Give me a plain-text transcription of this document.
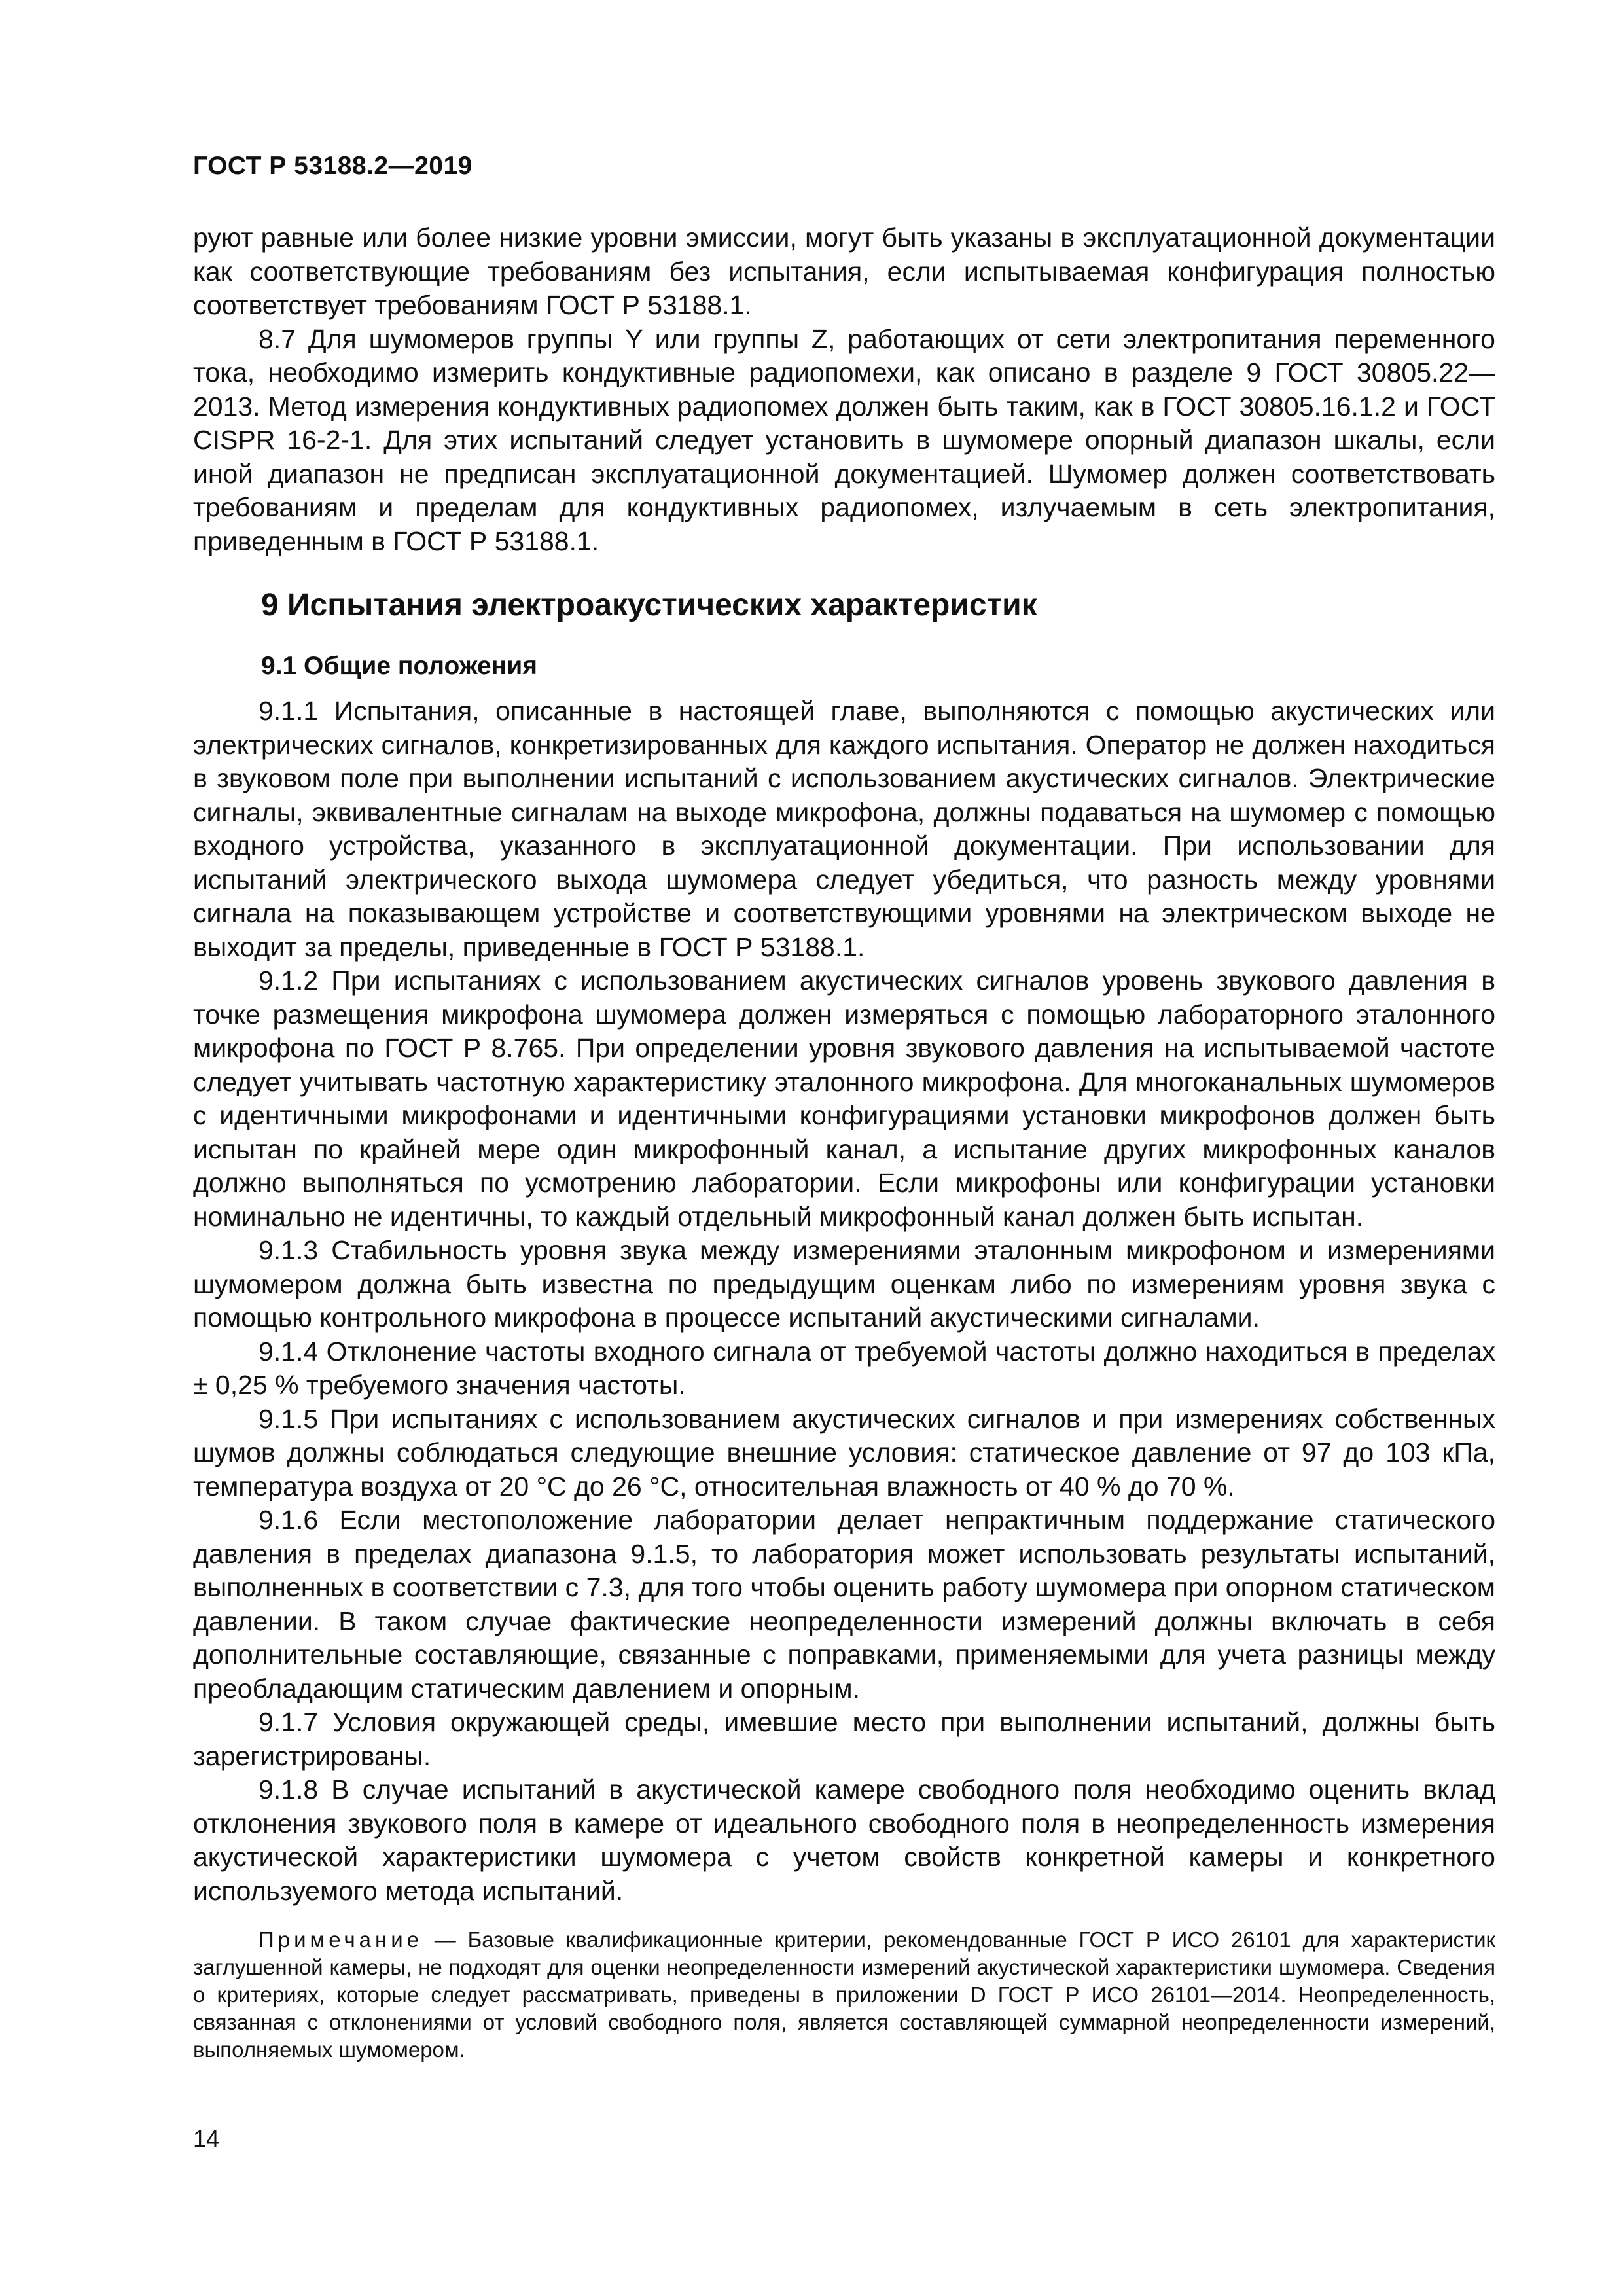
ГОСТ Р 53188.2—2019

руют равные или более низкие уровни эмиссии, могут быть указаны в эксплуатационной документации как соответствующие требованиям без испытания, если испытываемая конфигурация полностью соответствует требованиям ГОСТ Р 53188.1.

8.7 Для шумомеров группы Y или группы Z, работающих от сети электропитания переменного тока, необходимо измерить кондуктивные радиопомехи, как описано в разделе 9 ГОСТ 30805.22—2013. Метод измерения кондуктивных радиопомех должен быть таким, как в ГОСТ 30805.16.1.2 и ГОСТ CISPR 16-2-1. Для этих испытаний следует установить в шумомере опорный диапазон шкалы, если иной диапазон не предписан эксплуатационной документацией. Шумомер должен соответствовать требованиям и пределам для кондуктивных радиопомех, излучаемым в сеть электропитания, приведенным в ГОСТ Р 53188.1.

9 Испытания электроакустических характеристик
9.1 Общие положения

9.1.1 Испытания, описанные в настоящей главе, выполняются с помощью акустических или электрических сигналов, конкретизированных для каждого испытания. Оператор не должен находиться в звуковом поле при выполнении испытаний с использованием акустических сигналов. Электрические сигналы, эквивалентные сигналам на выходе микрофона, должны подаваться на шумомер с помощью входного устройства, указанного в эксплуатационной документации. При использовании для испытаний электрического выхода шумомера следует убедиться, что разность между уровнями сигнала на показывающем устройстве и соответствующими уровнями на электрическом выходе не выходит за пределы, приведенные в ГОСТ Р 53188.1.

9.1.2 При испытаниях с использованием акустических сигналов уровень звукового давления в точке размещения микрофона шумомера должен измеряться с помощью лабораторного эталонного микрофона по ГОСТ Р 8.765. При определении уровня звукового давления на испытываемой частоте следует учитывать частотную характеристику эталонного микрофона. Для многоканальных шумомеров с идентичными микрофонами и идентичными конфигурациями установки микрофонов должен быть испытан по крайней мере один микрофонный канал, а испытание других микрофонных каналов должно выполняться по усмотрению лаборатории. Если микрофоны или конфигурации установки номинально не идентичны, то каждый отдельный микрофонный канал должен быть испытан.

9.1.3 Стабильность уровня звука между измерениями эталонным микрофоном и измерениями шумомером должна быть известна по предыдущим оценкам либо по измерениям уровня звука с помощью контрольного микрофона в процессе испытаний акустическими сигналами.

9.1.4 Отклонение частоты входного сигнала от требуемой частоты должно находиться в пределах ± 0,25 % требуемого значения частоты.

9.1.5 При испытаниях с использованием акустических сигналов и при измерениях собственных шумов должны соблюдаться следующие внешние условия: статическое давление от 97 до 103 кПа, температура воздуха от 20 °С до 26 °С, относительная влажность от 40 % до 70 %.

9.1.6 Если местоположение лаборатории делает непрактичным поддержание статического давления в пределах диапазона 9.1.5, то лаборатория может использовать результаты испытаний, выполненных в соответствии с 7.3, для того чтобы оценить работу шумомера при опорном статическом давлении. В таком случае фактические неопределенности измерений должны включать в себя дополнительные составляющие, связанные с поправками, применяемыми для учета разницы между преобладающим статическим давлением и опорным.

9.1.7 Условия окружающей среды, имевшие место при выполнении испытаний, должны быть зарегистрированы.

9.1.8 В случае испытаний в акустической камере свободного поля необходимо оценить вклад отклонения звукового поля в камере от идеального свободного поля в неопределенность измерения акустической характеристики шумомера с учетом свойств конкретной камеры и конкретного используемого метода испытаний.

Примечание — Базовые квалификационные критерии, рекомендованные ГОСТ Р ИСО 26101 для характеристик заглушенной камеры, не подходят для оценки неопределенности измерений акустической характеристики шумомера. Сведения о критериях, которые следует рассматривать, приведены в приложении D ГОСТ Р ИСО 26101—2014. Неопределенность, связанная с отклонениями от условий свободного поля, является составляющей суммарной неопределенности измерений, выполняемых шумомером.
14
